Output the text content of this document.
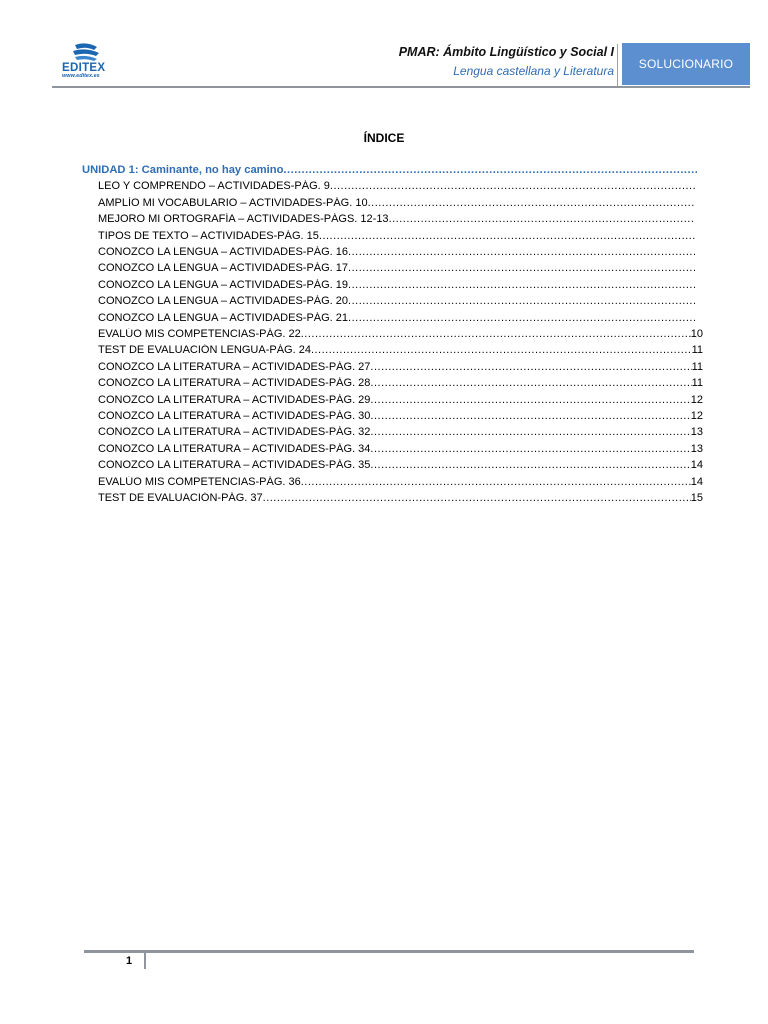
EDITEX
www.editex.es
PMAR: Ámbito Lingüístico y Social I
Lengua castellana y Literatura	SOLUCIONARIO
ÍNDICE
UNIDAD 1: Caminante, no hay camino
.....
LEO Y COMPRENDO – ACTIVIDADES-PÁG. 9
.....
AMPLÍO MI VOCABULARIO – ACTIVIDADES-PÁG. 10
.....
MEJORO MI ORTOGRAFÍA – ACTIVIDADES-PÁGS. 12-13
.....
TIPOS DE TEXTO – ACTIVIDADES-PÁG. 15
.....
CONOZCO LA LENGUA – ACTIVIDADES-PÁG. 16
.....
CONOZCO LA LENGUA – ACTIVIDADES-PÁG. 17
.....
CONOZCO LA LENGUA – ACTIVIDADES-PÁG. 19
.....
CONOZCO LA LENGUA – ACTIVIDADES-PÁG. 20
.....
CONOZCO LA LENGUA – ACTIVIDADES-PÁG. 21
.....
EVALÚO MIS COMPETENCIAS-PÁG. 22 .....	10
TEST DE EVALUACIÓN LENGUA-PÁG. 24 .....	11
CONOZCO LA LITERATURA – ACTIVIDADES-PÁG. 27 .....	11
CONOZCO LA LITERATURA – ACTIVIDADES-PÁG. 28 .....	11
CONOZCO LA LITERATURA – ACTIVIDADES-PÁG. 29 .....	12
CONOZCO LA LITERATURA – ACTIVIDADES-PÁG. 30 .....	12
CONOZCO LA LITERATURA – ACTIVIDADES-PÁG. 32 .....	13
CONOZCO LA LITERATURA – ACTIVIDADES-PÁG. 34 .....	13
CONOZCO LA LITERATURA – ACTIVIDADES-PÁG. 35 .....	14
EVALÚO MIS COMPETENCIAS-PÁG. 36 .....	14
TEST DE EVALUACIÓN-PÁG. 37 .....	15
1
